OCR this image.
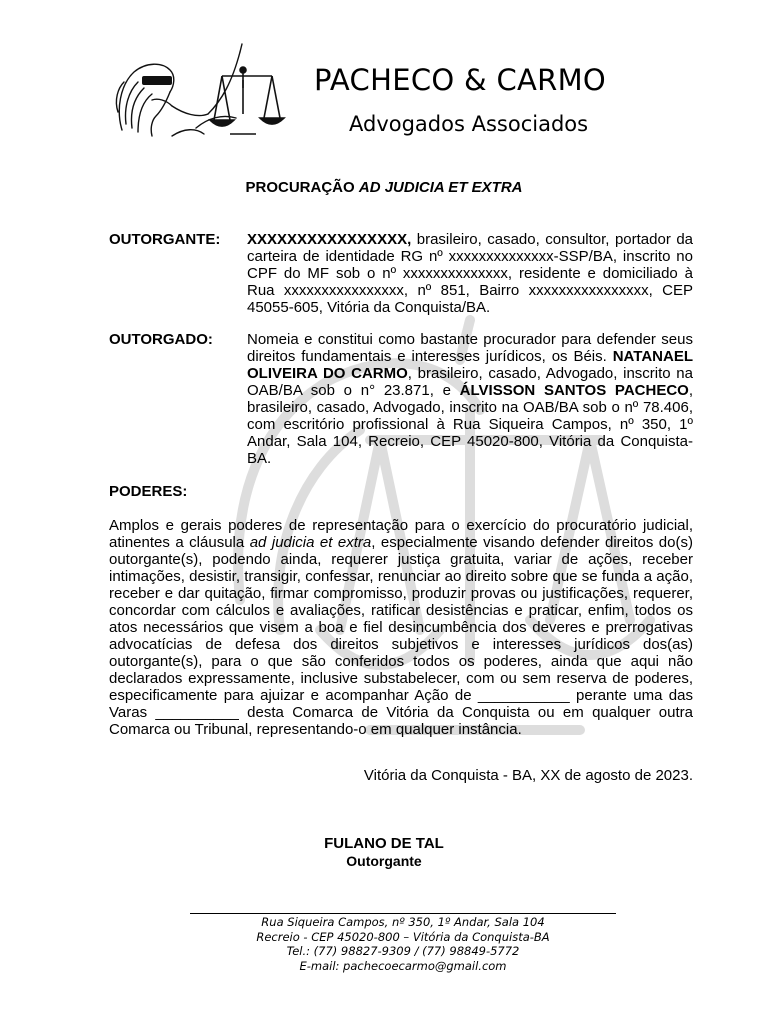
PACHECO & CARMO
Advogados Associados
PROCURAÇÃO AD JUDICIA ET EXTRA
OUTORGANTE: XXXXXXXXXXXXXXXX, brasileiro, casado, consultor, portador da carteira de identidade RG nº xxxxxxxxxxxxxx-SSP/BA, inscrito no CPF do MF sob o nº xxxxxxxxxxxxxx, residente e domiciliado à Rua xxxxxxxxxxxxxxxx, nº 851, Bairro xxxxxxxxxxxxxxxx, CEP 45055-605, Vitória da Conquista/BA.
OUTORGADO: Nomeia e constitui como bastante procurador para defender seus direitos fundamentais e interesses jurídicos, os Béis. NATANAEL OLIVEIRA DO CARMO, brasileiro, casado, Advogado, inscrito na OAB/BA sob o n° 23.871, e ÁLVISSON SANTOS PACHECO, brasileiro, casado, Advogado, inscrito na OAB/BA sob o nº 78.406, com escritório profissional à Rua Siqueira Campos, nº 350, 1º Andar, Sala 104, Recreio, CEP 45020-800, Vitória da Conquista-BA.
PODERES:
Amplos e gerais poderes de representação para o exercício do procuratório judicial, atinentes a cláusula ad judicia et extra, especialmente visando defender direitos do(s) outorgante(s), podendo ainda, requerer justiça gratuita, variar de ações, receber intimações, desistir, transigir, confessar, renunciar ao direito sobre que se funda a ação, receber e dar quitação, firmar compromisso, produzir provas ou justificações, requerer, concordar com cálculos e avaliações, ratificar desistências e praticar, enfim, todos os atos necessários que visem a boa e fiel desincumbência dos deveres e prerrogativas advocatícias de defesa dos direitos subjetivos e interesses jurídicos dos(as) outorgante(s), para o que são conferidos todos os poderes, ainda que aqui não declarados expressamente, inclusive substabelecer, com ou sem reserva de poderes, especificamente para ajuizar e acompanhar Ação de ___________ perante uma das Varas __________ desta Comarca de Vitória da Conquista ou em qualquer outra Comarca ou Tribunal, representando-o em qualquer instância.
Vitória da Conquista - BA, XX de agosto de 2023.
FULANO DE TAL
Outorgante
Rua Siqueira Campos, nº 350, 1º Andar, Sala 104
Recreio - CEP 45020-800 – Vitória da Conquista-BA
Tel.: (77) 98827-9309 / (77) 98849-5772
E-mail: pachecoecarmo@gmail.com
